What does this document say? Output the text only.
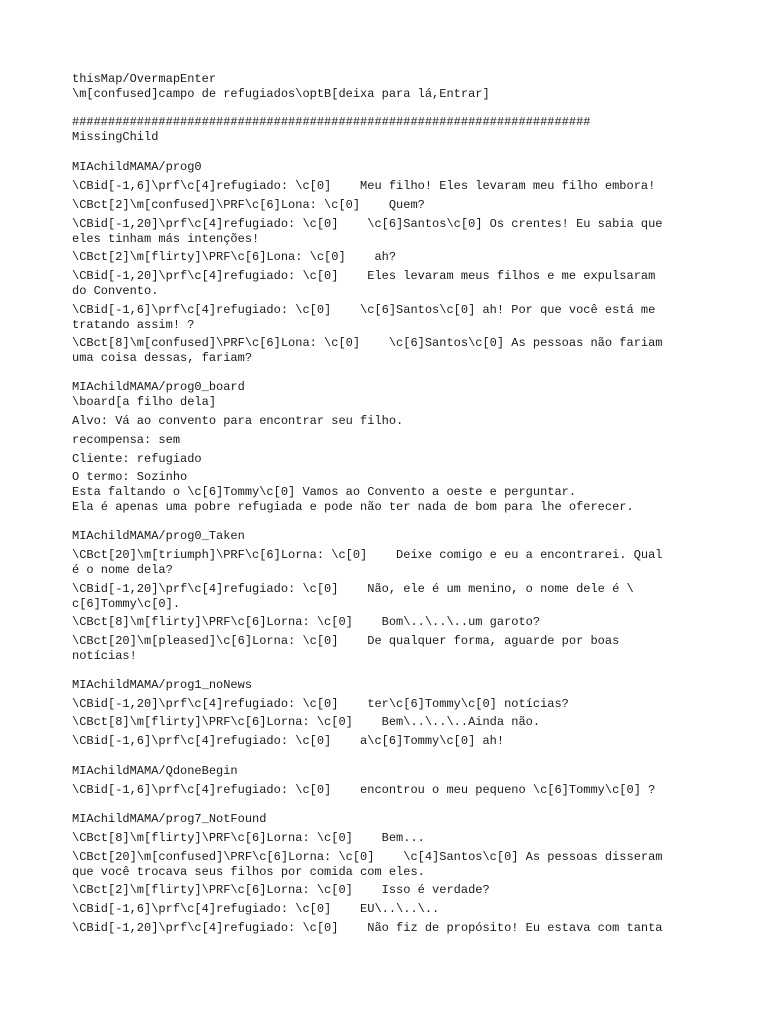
thisMap/OvermapEnter
\m[confused]campo de refugiados\optB[deixa para lá,Entrar]
########################################################################
MissingChild
MIAchildMAMA/prog0
\CBid[-1,6]\prf\c[4]refugiado: \c[0]    Meu filho! Eles levaram meu filho embora!
\CBct[2]\m[confused]\PRF\c[6]Lona: \c[0]    Quem?
\CBid[-1,20]\prf\c[4]refugiado: \c[0]    \c[6]Santos\c[0] Os crentes! Eu sabia que
eles tinham más intenções!
\CBct[2]\m[flirty]\PRF\c[6]Lona: \c[0]    ah?
\CBid[-1,20]\prf\c[4]refugiado: \c[0]    Eles levaram meus filhos e me expulsaram
do Convento.
\CBid[-1,6]\prf\c[4]refugiado: \c[0]    \c[6]Santos\c[0] ah! Por que você está me
tratando assim! ?
\CBct[8]\m[confused]\PRF\c[6]Lona: \c[0]    \c[6]Santos\c[0] As pessoas não fariam
uma coisa dessas, fariam?
MIAchildMAMA/prog0_board
\board[a filho dela]
Alvo: Vá ao convento para encontrar seu filho.
recompensa: sem
Cliente: refugiado
O termo: Sozinho
Esta faltando o \c[6]Tommy\c[0] Vamos ao Convento a oeste e perguntar.
Ela é apenas uma pobre refugiada e pode não ter nada de bom para lhe oferecer.
MIAchildMAMA/prog0_Taken
\CBct[20]\m[triumph]\PRF\c[6]Lorna: \c[0]    Deixe comigo e eu a encontrarei. Qual
é o nome dela?
\CBid[-1,20]\prf\c[4]refugiado: \c[0]    Não, ele é um menino, o nome dele é \
c[6]Tommy\c[0].
\CBct[8]\m[flirty]\PRF\c[6]Lorna: \c[0]    Bom\..\..\..um garoto?
\CBct[20]\m[pleased]\c[6]Lorna: \c[0]    De qualquer forma, aguarde por boas
notícias!
MIAchildMAMA/prog1_noNews
\CBid[-1,20]\prf\c[4]refugiado: \c[0]    ter\c[6]Tommy\c[0] notícias?
\CBct[8]\m[flirty]\PRF\c[6]Lorna: \c[0]    Bem\..\..\..Ainda não.
\CBid[-1,6]\prf\c[4]refugiado: \c[0]    a\c[6]Tommy\c[0] ah!
MIAchildMAMA/QdoneBegin
\CBid[-1,6]\prf\c[4]refugiado: \c[0]    encontrou o meu pequeno \c[6]Tommy\c[0] ?
MIAchildMAMA/prog7_NotFound
\CBct[8]\m[flirty]\PRF\c[6]Lorna: \c[0]    Bem...
\CBct[20]\m[confused]\PRF\c[6]Lorna: \c[0]    \c[4]Santos\c[0] As pessoas disseram
que você trocava seus filhos por comida com eles.
\CBct[2]\m[flirty]\PRF\c[6]Lorna: \c[0]    Isso é verdade?
\CBid[-1,6]\prf\c[4]refugiado: \c[0]    EU\..\..\..
\CBid[-1,20]\prf\c[4]refugiado: \c[0]    Não fiz de propósito! Eu estava com tanta
